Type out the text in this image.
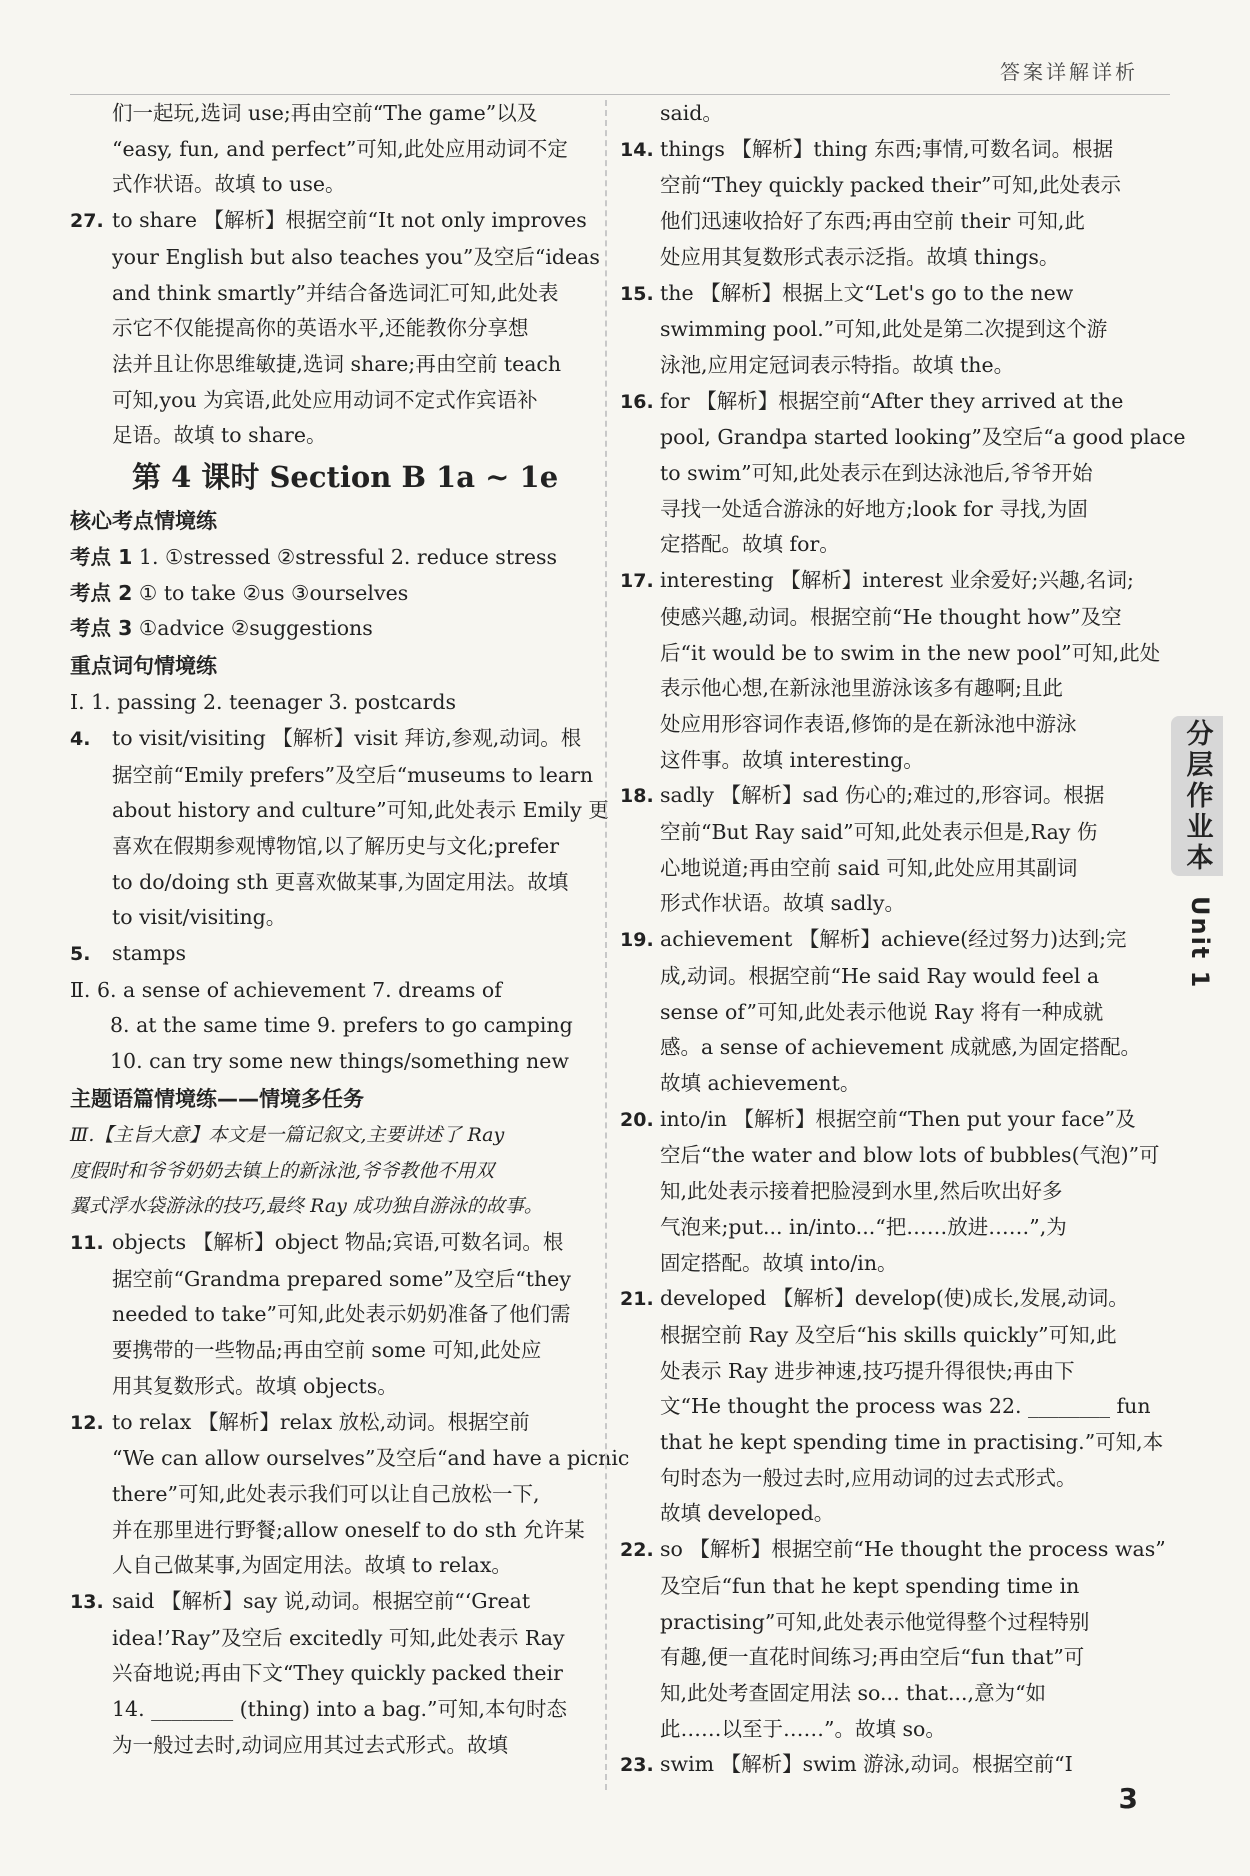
答案详解详析
们一起玩,选词 use;再由空前“The game”以及
“easy, fun, and perfect”可知,此处应用动词不定
式作状语。故填 to use。
27. to share 【解析】根据空前“It not only improves
your English but also teaches you”及空后“ideas
and think smartly”并结合备选词汇可知,此处表
示它不仅能提高你的英语水平,还能教你分享想
法并且让你思维敏捷,选词 share;再由空前 teach
可知,you 为宾语,此处应用动词不定式作宾语补
足语。故填 to share。
第 4 课时 Section B 1a ~ 1e
核心考点情境练
考点 1 1. ①stressed ②stressful 2. reduce stress
考点 2 ① to take ②us ③ourselves
考点 3 ①advice ②suggestions
重点词句情境练
Ⅰ. 1. passing 2. teenager 3. postcards
4. to visit/visiting 【解析】visit 拜访,参观,动词。根
据空前“Emily prefers”及空后“museums to learn
about history and culture”可知,此处表示 Emily 更
喜欢在假期参观博物馆,以了解历史与文化;prefer
to do/doing sth 更喜欢做某事,为固定用法。故填
to visit/visiting。
5. stamps
Ⅱ. 6. a sense of achievement 7. dreams of
8. at the same time 9. prefers to go camping
10. can try some new things/something new
主题语篇情境练——情境多任务
Ⅲ.【主旨大意】本文是一篇记叙文,主要讲述了 Ray
度假时和爷爷奶奶去镇上的新泳池,爷爷教他不用双
翼式浮水袋游泳的技巧,最终 Ray 成功独自游泳的故事。
11. objects 【解析】object 物品;宾语,可数名词。根
据空前“Grandma prepared some”及空后“they
needed to take”可知,此处表示奶奶准备了他们需
要携带的一些物品;再由空前 some 可知,此处应
用其复数形式。故填 objects。
12. to relax 【解析】relax 放松,动词。根据空前
“We can allow ourselves”及空后“and have a picnic
there”可知,此处表示我们可以让自己放松一下,
并在那里进行野餐;allow oneself to do sth 允许某
人自己做某事,为固定用法。故填 to relax。
13. said 【解析】say 说,动词。根据空前“‘Great
idea!’Ray”及空后 excitedly 可知,此处表示 Ray
兴奋地说;再由下文“They quickly packed their
14. ________ (thing) into a bag.”可知,本句时态
为一般过去时,动词应用其过去式形式。故填
said。
14. things 【解析】thing 东西;事情,可数名词。根据
空前“They quickly packed their”可知,此处表示
他们迅速收拾好了东西;再由空前 their 可知,此
处应用其复数形式表示泛指。故填 things。
15. the 【解析】根据上文“Let's go to the new
swimming pool.”可知,此处是第二次提到这个游
泳池,应用定冠词表示特指。故填 the。
16. for 【解析】根据空前“After they arrived at the
pool, Grandpa started looking”及空后“a good place
to swim”可知,此处表示在到达泳池后,爷爷开始
寻找一处适合游泳的好地方;look for 寻找,为固
定搭配。故填 for。
17. interesting 【解析】interest 业余爱好;兴趣,名词;
使感兴趣,动词。根据空前“He thought how”及空
后“it would be to swim in the new pool”可知,此处
表示他心想,在新泳池里游泳该多有趣啊;且此
处应用形容词作表语,修饰的是在新泳池中游泳
这件事。故填 interesting。
18. sadly 【解析】sad 伤心的;难过的,形容词。根据
空前“But Ray said”可知,此处表示但是,Ray 伤
心地说道;再由空前 said 可知,此处应用其副词
形式作状语。故填 sadly。
19. achievement 【解析】achieve(经过努力)达到;完
成,动词。根据空前“He said Ray would feel a
sense of”可知,此处表示他说 Ray 将有一种成就
感。a sense of achievement 成就感,为固定搭配。
故填 achievement。
20. into/in 【解析】根据空前“Then put your face”及
空后“the water and blow lots of bubbles(气泡)”可
知,此处表示接着把脸浸到水里,然后吹出好多
气泡来;put... in/into...“把……放进……”,为
固定搭配。故填 into/in。
21. developed 【解析】develop(使)成长,发展,动词。
根据空前 Ray 及空后“his skills quickly”可知,此
处表示 Ray 进步神速,技巧提升得很快;再由下
文“He thought the process was 22. ________ fun
that he kept spending time in practising.”可知,本
句时态为一般过去时,应用动词的过去式形式。
故填 developed。
22. so 【解析】根据空前“He thought the process was”
及空后“fun that he kept spending time in
practising”可知,此处表示他觉得整个过程特别
有趣,便一直花时间练习;再由空后“fun that”可
知,此处考查固定用法 so... that...,意为“如
此……以至于……”。故填 so。
23. swim 【解析】swim 游泳,动词。根据空前“I
分层作业本
Unit 1
3
